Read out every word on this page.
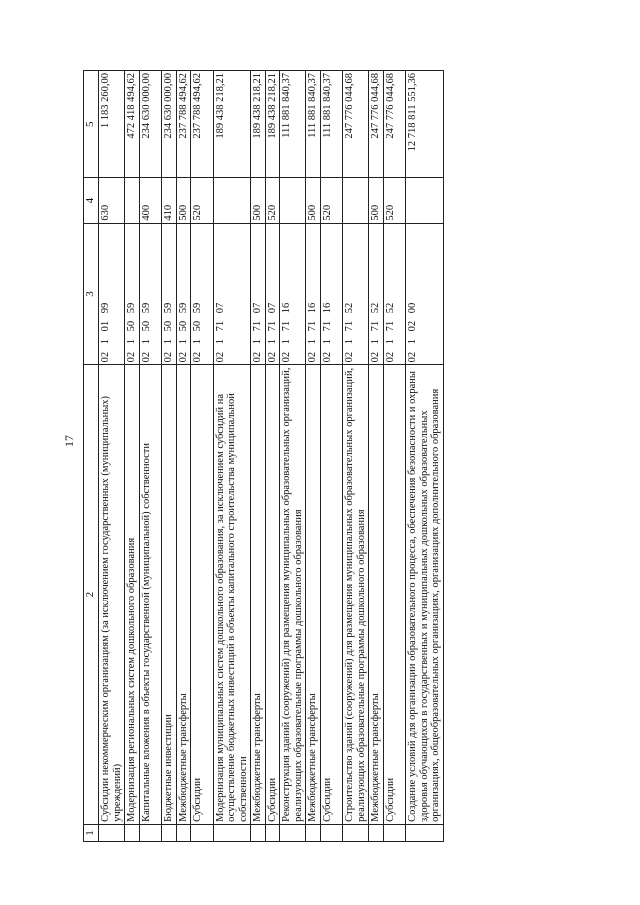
17
1	2	3	4	5
	Субсидии некоммерческим организациям (за исключением государственных (муниципальных) учреждений)	02 1 01 99	630	1 183 260,00
	Модернизация региональных систем дошкольного образования	02 1 50 59		472 418 494,62
	Капитальные вложения в объекты государственной (муниципальной) собственности	02 1 50 59	400	234 630 000,00
	Бюджетные инвестиции	02 1 50 59	410	234 630 000,00
	Межбюджетные трансферты	02 1 50 59	500	237 788 494,62
	Субсидии	02 1 50 59	520	237 788 494,62
	Модернизация муниципальных систем дошкольного образования, за исключением субсидий на осуществление бюджетных инвестиций в объекты капитального строительства муниципальной собственности	02 1 71 07		189 438 218,21
	Межбюджетные трансферты	02 1 71 07	500	189 438 218,21
	Субсидии	02 1 71 07	520	189 438 218,21
	Реконструкция зданий (сооружений) для размещения муниципальных образовательных организаций, реализующих образовательные программы дошкольного образования	02 1 71 16		111 881 840,37
	Межбюджетные трансферты	02 1 71 16	500	111 881 840,37
	Субсидии	02 1 71 16	520	111 881 840,37
	Строительство зданий (сооружений) для размещения муниципальных образовательных организаций, реализующих образовательные программы дошкольного образования	02 1 71 52		247 776 044,68
	Межбюджетные трансферты	02 1 71 52	500	247 776 044,68
	Субсидии	02 1 71 52	520	247 776 044,68
	Создание условий для организации образовательного процесса, обеспечения безопасности и охраны здоровья обучающихся в государственных и муниципальных дошкольных образовательных организациях, общеобразовательных организациях, организациях дополнительного образования	02 1 02 00		12 718 811 551,36
